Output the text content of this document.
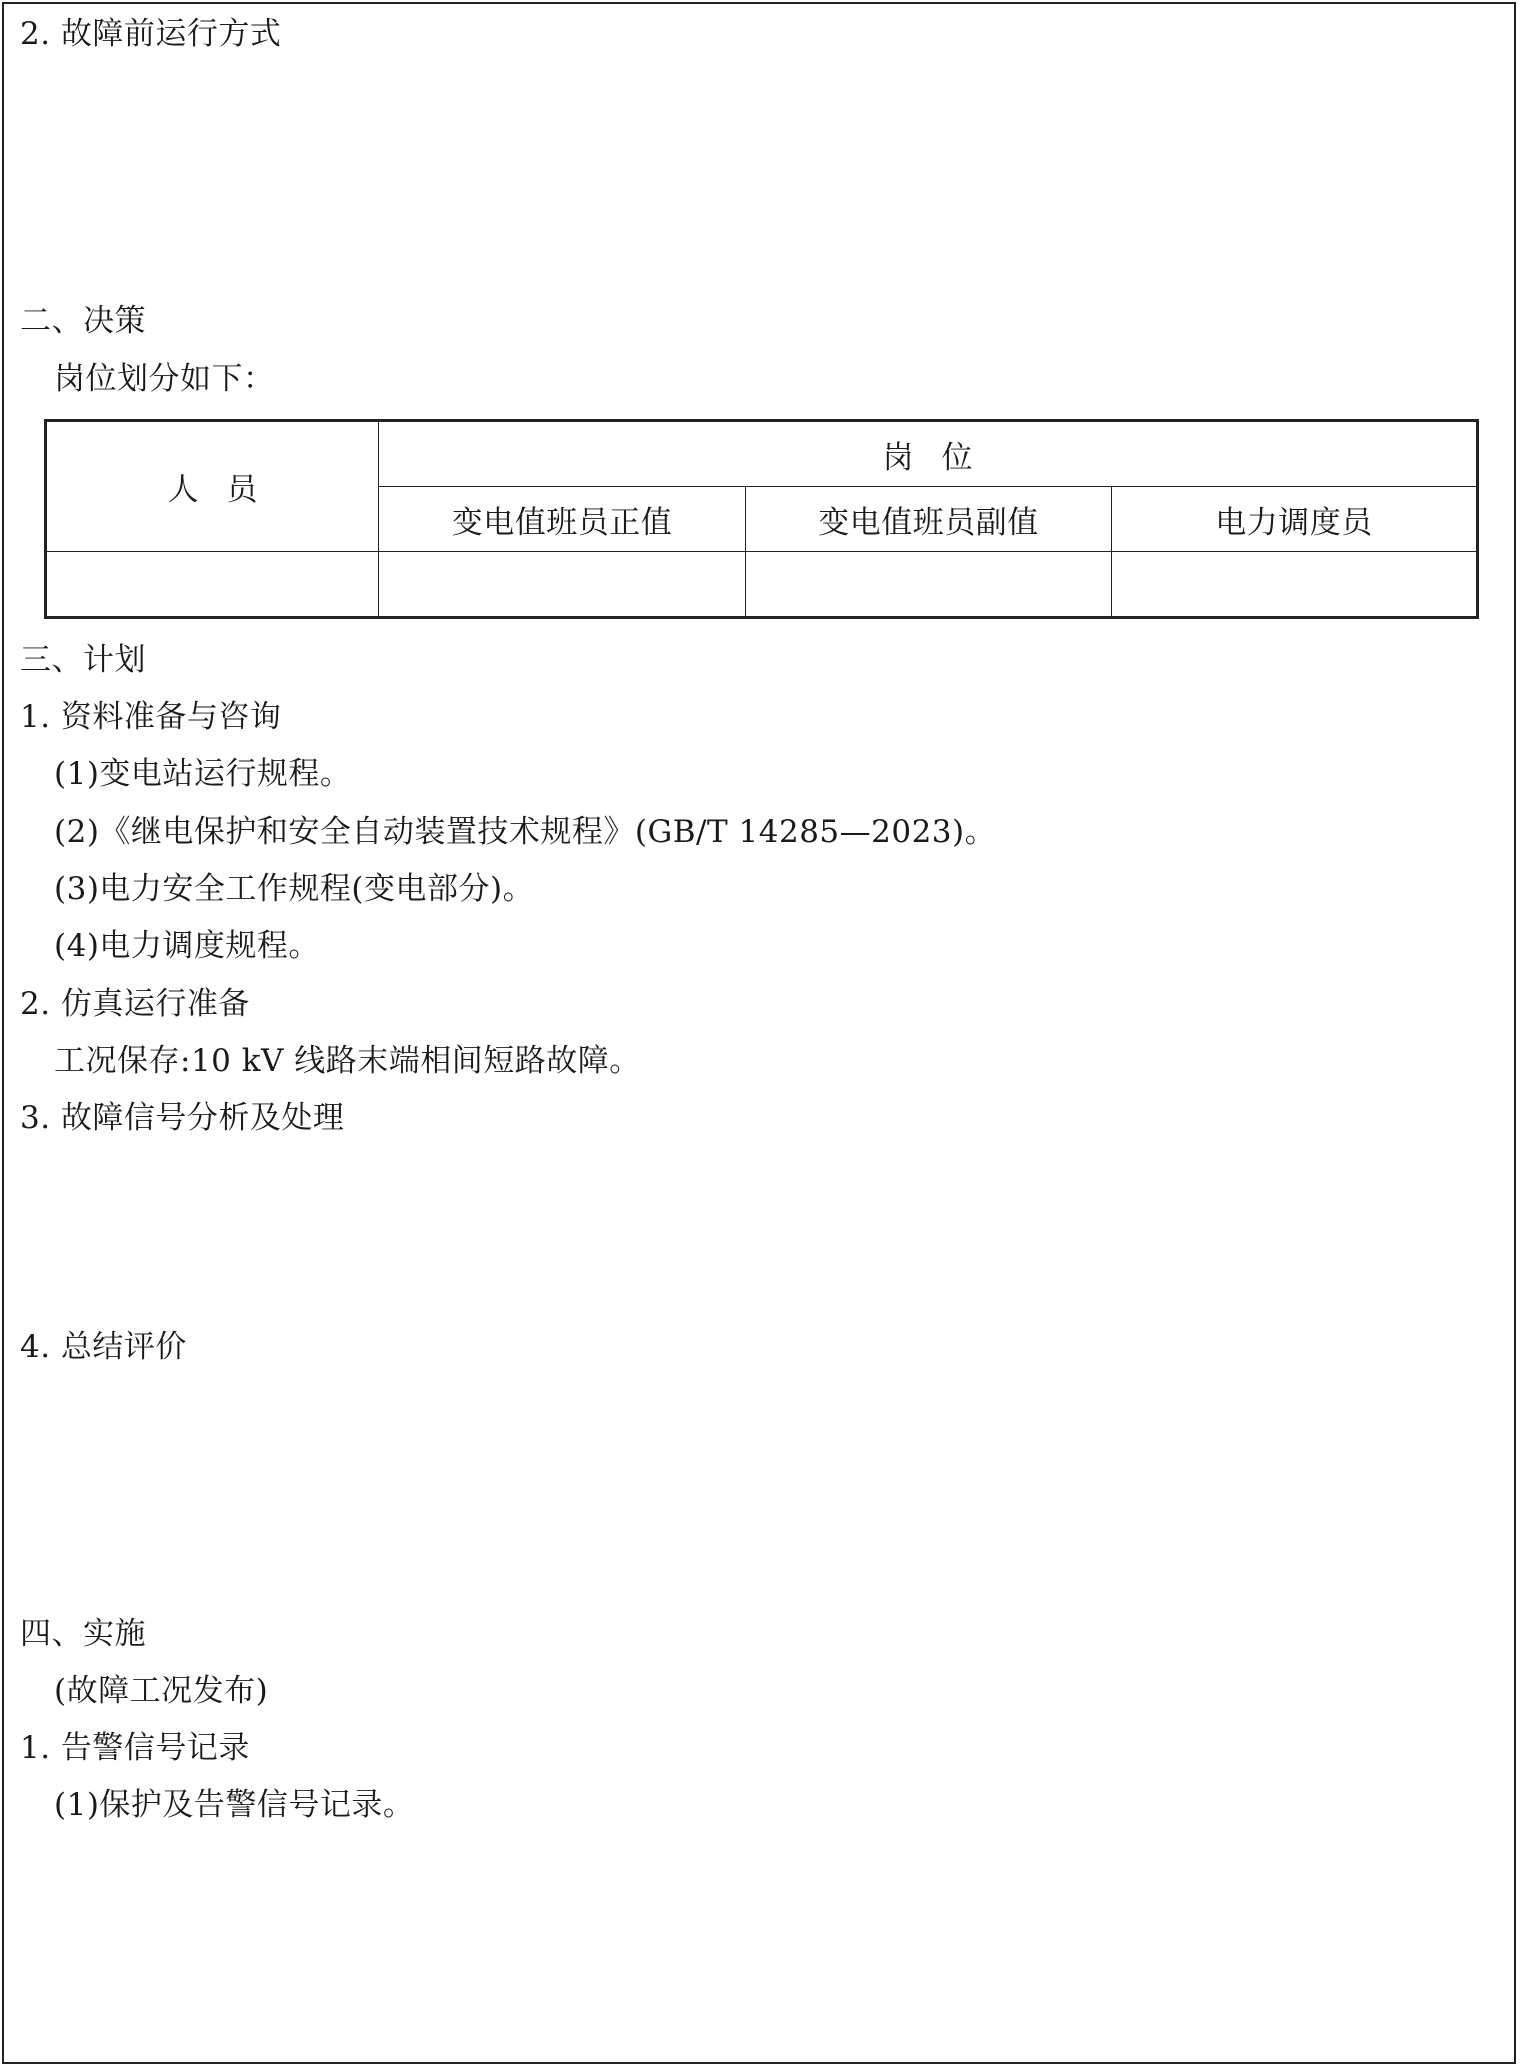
2. 故障前运行方式
二、决策
岗位划分如下：
人员	岗位		
	变电值班员正值	变电值班员副值	电力调度员

三、计划
1. 资料准备与咨询
(1)变电站运行规程。
(2)《继电保护和安全自动装置技术规程》(GB/T 14285—2023)。
(3)电力安全工作规程(变电部分)。
(4)电力调度规程。
2. 仿真运行准备
工况保存:10 kV 线路末端相间短路故障。
3. 故障信号分析及处理
4. 总结评价
四、实施
(故障工况发布)
1. 告警信号记录
(1)保护及告警信号记录。
